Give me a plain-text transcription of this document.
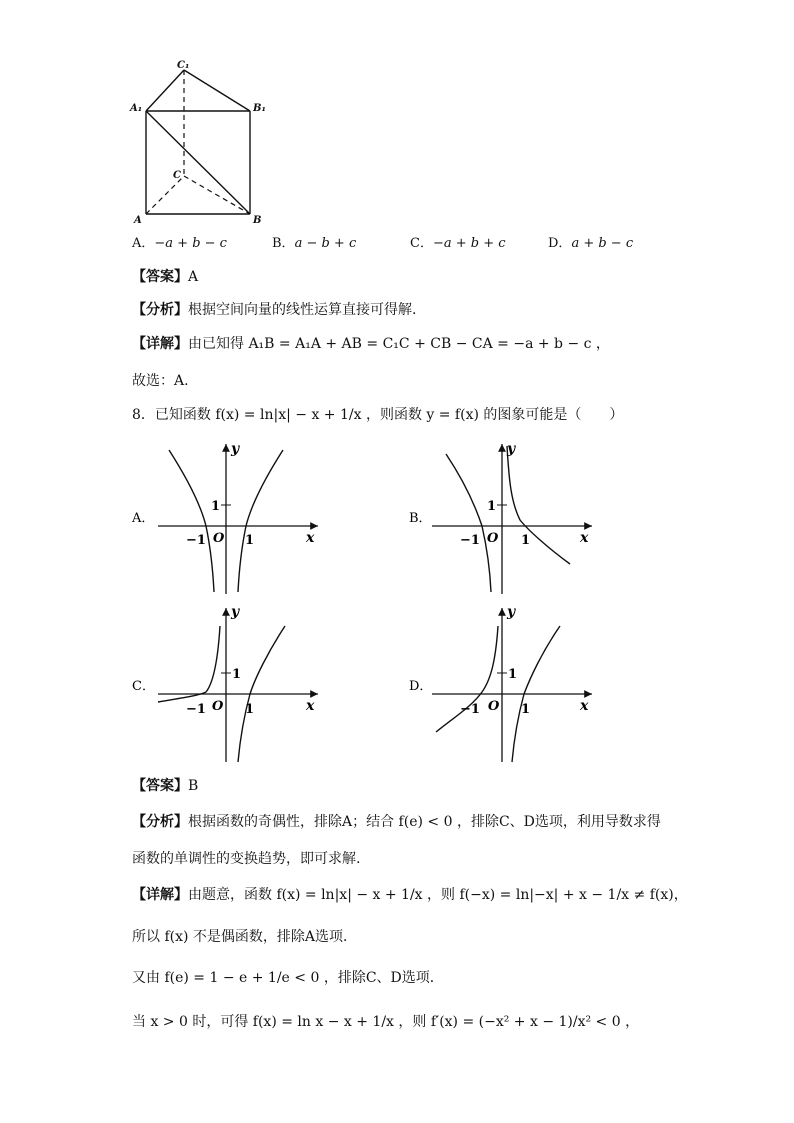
C₁
A₁	B₁
C
A	B
A．−a + b − c	B．a − b + c	C．−a + b + c	D．a + b − c
【答案】A
【分析】根据空间向量的线性运算直接可得解.
【详解】由已知得 A₁B = A₁A + AB = C₁C + CB − CA = −a + b − c ，
故选：A.
8．已知函数 f(x) = ln|x| − x + 1/x ，则函数 y = f(x) 的图象可能是（　　）
A．
y
x
1
O
−1	1
B．
y
x
1
O
−1	1
C．
y
x
1
O
−1	1
D．
y
x
1
O
−1	1
【答案】B
【分析】根据函数的奇偶性，排除A；结合 f(e) < 0 ，排除C、D选项，利用导数求得
函数的单调性的变换趋势，即可求解.
【详解】由题意，函数 f(x) = ln|x| − x + 1/x ，则 f(−x) = ln|−x| + x − 1/x ≠ f(x)，
所以 f(x) 不是偶函数，排除A选项．
又由 f(e) = 1 − e + 1/e < 0 ，排除C、D选项．
当 x > 0 时，可得 f(x) = ln x − x + 1/x ，则 f′(x) = (−x² + x − 1)/x² < 0 ，
